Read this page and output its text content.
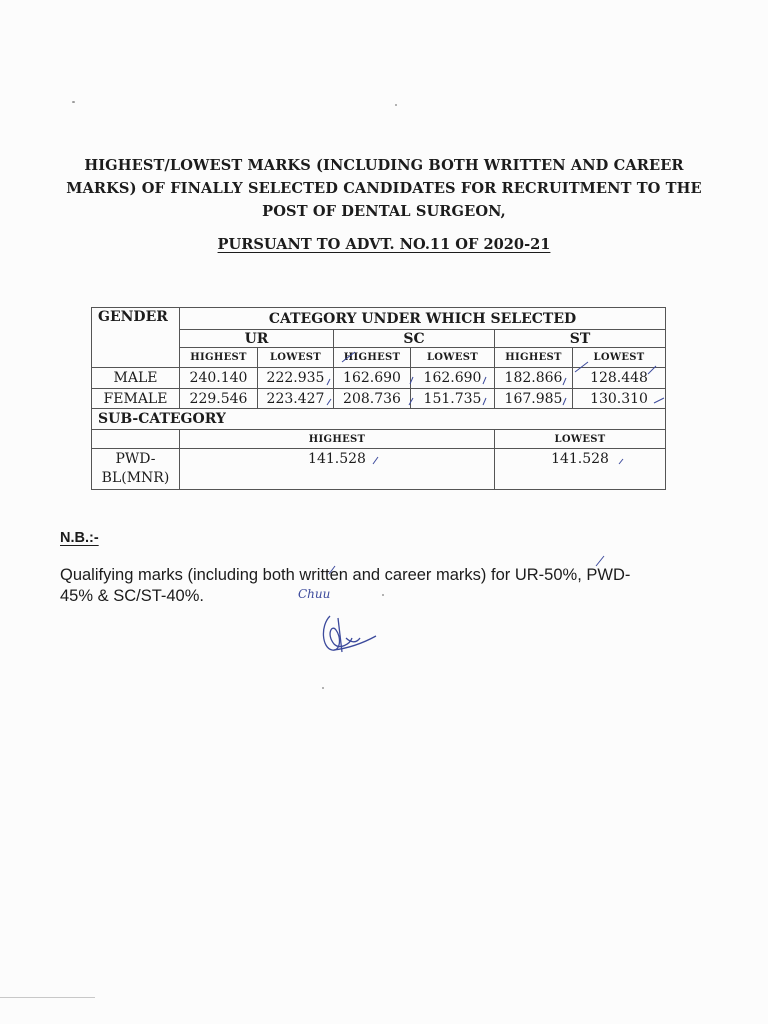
HIGHEST/LOWEST MARKS (INCLUDING BOTH WRITTEN AND CAREER
MARKS) OF FINALLY SELECTED CANDIDATES FOR RECRUITMENT TO THE
POST OF DENTAL SURGEON,
PURSUANT TO ADVT. NO.11 OF 2020-21
GENDER	CATEGORY UNDER WHICH SELECTED					
	UR		SC		ST	
	HIGHEST	LOWEST	HIGHEST	LOWEST	HIGHEST	LOWEST
MALE	240.140	222.935	162.690	162.690	182.866	128.448
FEMALE	229.546	223.427	208.736	151.735	167.985	130.310
SUB-CATEGORY						
	HIGHEST				LOWEST	

PWD-
BL(MNR)	141.528				141.528	
N.B.:-
Qualifying marks (including both written and career marks) for UR-50%, PWD-
45% & SC/ST-40%.	Chuu
